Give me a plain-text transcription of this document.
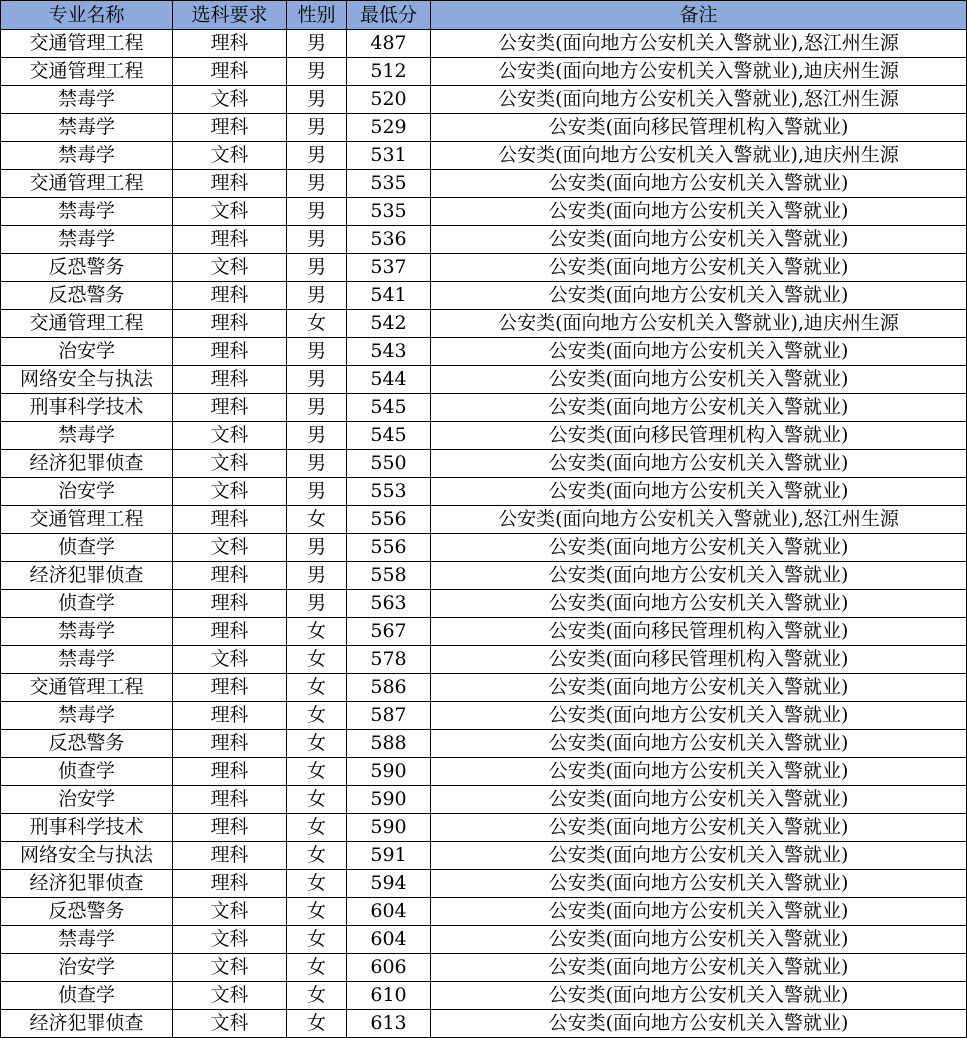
专业名称	选科要求	性别	最低分	备注
交通管理工程	理科	男	487	公安类(面向地方公安机关入警就业),怒江州生源
交通管理工程	理科	男	512	公安类(面向地方公安机关入警就业),迪庆州生源
禁毒学	文科	男	520	公安类(面向地方公安机关入警就业),怒江州生源
禁毒学	理科	男	529	公安类(面向移民管理机构入警就业)
禁毒学	文科	男	531	公安类(面向地方公安机关入警就业),迪庆州生源
交通管理工程	理科	男	535	公安类(面向地方公安机关入警就业)
禁毒学	文科	男	535	公安类(面向地方公安机关入警就业)
禁毒学	理科	男	536	公安类(面向地方公安机关入警就业)
反恐警务	文科	男	537	公安类(面向地方公安机关入警就业)
反恐警务	理科	男	541	公安类(面向地方公安机关入警就业)
交通管理工程	理科	女	542	公安类(面向地方公安机关入警就业),迪庆州生源
治安学	理科	男	543	公安类(面向地方公安机关入警就业)
网络安全与执法	理科	男	544	公安类(面向地方公安机关入警就业)
刑事科学技术	理科	男	545	公安类(面向地方公安机关入警就业)
禁毒学	文科	男	545	公安类(面向移民管理机构入警就业)
经济犯罪侦查	文科	男	550	公安类(面向地方公安机关入警就业)
治安学	文科	男	553	公安类(面向地方公安机关入警就业)
交通管理工程	理科	女	556	公安类(面向地方公安机关入警就业),怒江州生源
侦查学	文科	男	556	公安类(面向地方公安机关入警就业)
经济犯罪侦查	理科	男	558	公安类(面向地方公安机关入警就业)
侦查学	理科	男	563	公安类(面向地方公安机关入警就业)
禁毒学	理科	女	567	公安类(面向移民管理机构入警就业)
禁毒学	文科	女	578	公安类(面向移民管理机构入警就业)
交通管理工程	理科	女	586	公安类(面向地方公安机关入警就业)
禁毒学	理科	女	587	公安类(面向地方公安机关入警就业)
反恐警务	理科	女	588	公安类(面向地方公安机关入警就业)
侦查学	理科	女	590	公安类(面向地方公安机关入警就业)
治安学	理科	女	590	公安类(面向地方公安机关入警就业)
刑事科学技术	理科	女	590	公安类(面向地方公安机关入警就业)
网络安全与执法	理科	女	591	公安类(面向地方公安机关入警就业)
经济犯罪侦查	理科	女	594	公安类(面向地方公安机关入警就业)
反恐警务	文科	女	604	公安类(面向地方公安机关入警就业)
禁毒学	文科	女	604	公安类(面向地方公安机关入警就业)
治安学	文科	女	606	公安类(面向地方公安机关入警就业)
侦查学	文科	女	610	公安类(面向地方公安机关入警就业)
经济犯罪侦查	文科	女	613	公安类(面向地方公安机关入警就业)
